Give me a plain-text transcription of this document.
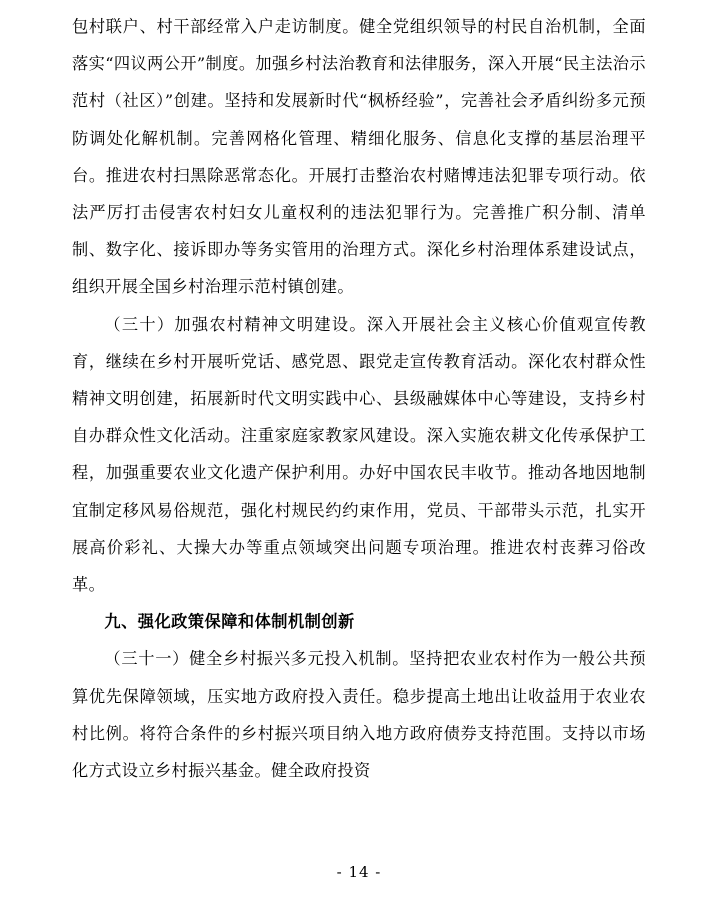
包村联户、村干部经常入户走访制度。健全党组织领导的村民自治机制，全面落实“四议两公开”制度。加强乡村法治教育和法律服务，深入开展“民主法治示范村（社区）”创建。坚持和发展新时代“枫桥经验”，完善社会矛盾纠纷多元预防调处化解机制。完善网格化管理、精细化服务、信息化支撑的基层治理平台。推进农村扫黑除恶常态化。开展打击整治农村赌博违法犯罪专项行动。依法严厉打击侵害农村妇女儿童权利的违法犯罪行为。完善推广积分制、清单制、数字化、接诉即办等务实管用的治理方式。深化乡村治理体系建设试点，组织开展全国乡村治理示范村镇创建。

（三十）加强农村精神文明建设。深入开展社会主义核心价值观宣传教育，继续在乡村开展听党话、感党恩、跟党走宣传教育活动。深化农村群众性精神文明创建，拓展新时代文明实践中心、县级融媒体中心等建设，支持乡村自办群众性文化活动。注重家庭家教家风建设。深入实施农耕文化传承保护工程，加强重要农业文化遗产保护利用。办好中国农民丰收节。推动各地因地制宜制定移风易俗规范，强化村规民约约束作用，党员、干部带头示范，扎实开展高价彩礼、大操大办等重点领域突出问题专项治理。推进农村丧葬习俗改革。

九、强化政策保障和体制机制创新

（三十一）健全乡村振兴多元投入机制。坚持把农业农村作为一般公共预算优先保障领域，压实地方政府投入责任。稳步提高土地出让收益用于农业农村比例。将符合条件的乡村振兴项目纳入地方政府债券支持范围。支持以市场化方式设立乡村振兴基金。健全政府投资

- 14 -
